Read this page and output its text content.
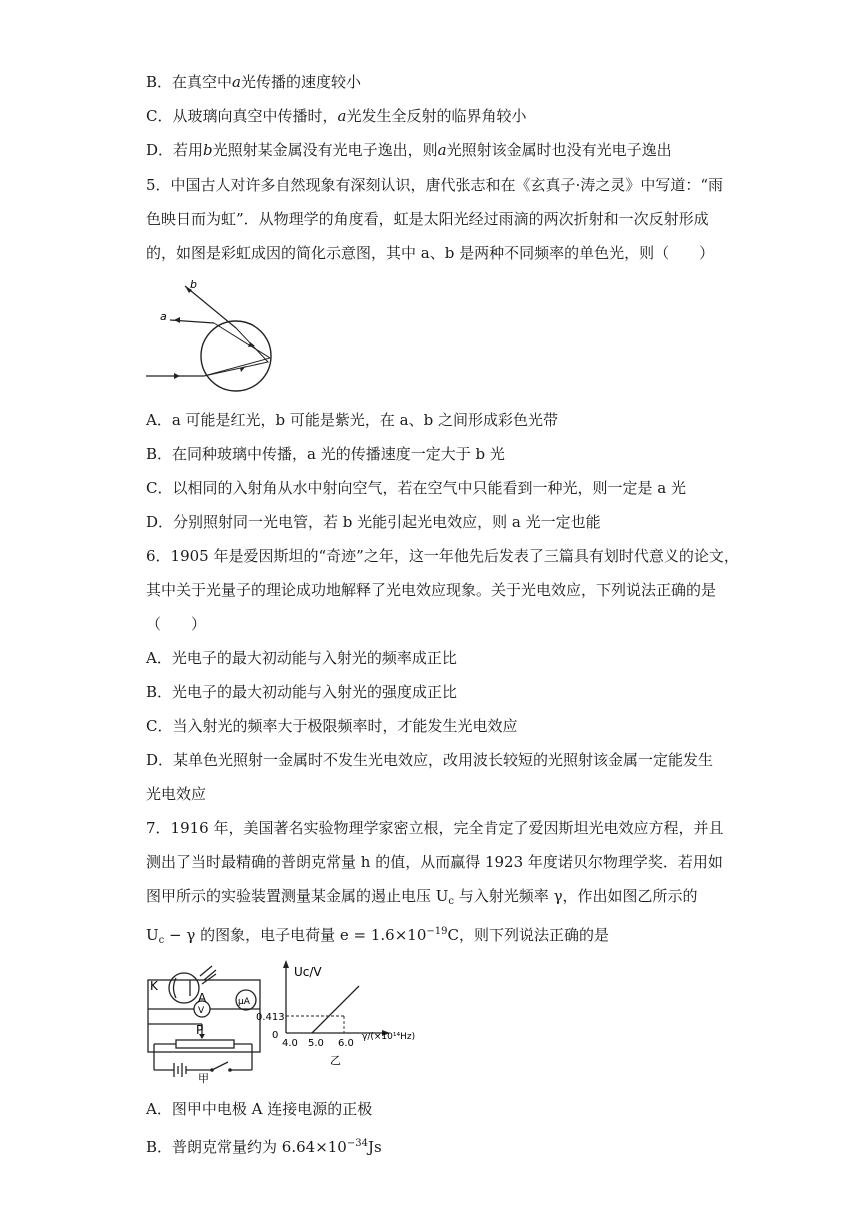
B．在真空中a光传播的速度较小
C．从玻璃向真空中传播时，a光发生全反射的临界角较小
D．若用b光照射某金属没有光电子逸出，则a光照射该金属时也没有光电子逸出
5．中国古人对许多自然现象有深刻认识，唐代张志和在《玄真子·涛之灵》中写道：“雨
色映日而为虹”．从物理学的角度看，虹是太阳光经过雨滴的两次折射和一次反射形成
的，如图是彩虹成因的简化示意图，其中 a、b 是两种不同频率的单色光，则（　　）
b
a
A．a 可能是红光，b 可能是紫光，在 a、b 之间形成彩色光带
B．在同种玻璃中传播，a 光的传播速度一定大于 b 光
C．以相同的入射角从水中射向空气，若在空气中只能看到一种光，则一定是 a 光
D．分别照射同一光电管，若 b 光能引起光电效应，则 a 光一定也能
6．1905 年是爱因斯坦的“奇迹”之年，这一年他先后发表了三篇具有划时代意义的论文，
其中关于光量子的理论成功地解释了光电效应现象。关于光电效应，下列说法正确的是
（　　）
A．光电子的最大初动能与入射光的频率成正比
B．光电子的最大初动能与入射光的强度成正比
C．当入射光的频率大于极限频率时，才能发生光电效应
D．某单色光照射一金属时不发生光电效应，改用波长较短的光照射该金属一定能发生
光电效应
7．1916 年，美国著名实验物理学家密立根，完全肯定了爱因斯坦光电效应方程，并且
测出了当时最精确的普朗克常量 h 的值，从而赢得 1923 年度诺贝尔物理学奖．若用如
图甲所示的实验装置测量某金属的遏止电压 $U_c$ 与入射光频率 γ，作出如图乙所示的
$U_c - \gamma$ 的图象，电子电荷量 $e = 1.6\times 10^{-19}C$，则下列说法正确的是
K
A	μA
V
P
甲
Uc/V
0.413
0
4.0 5.0 6.0
γ/(×10¹⁴Hz)
乙
A．图甲中电极 A 连接电源的正极
B．普朗克常量约为 $6.64\times 10^{-34}Js$
